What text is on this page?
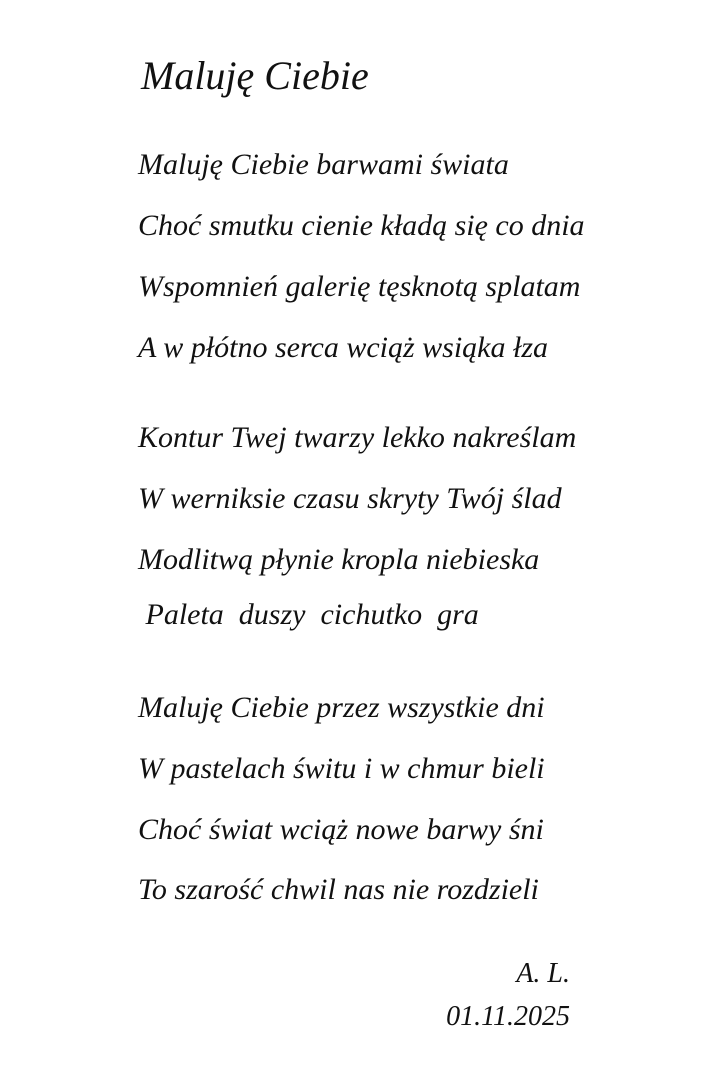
Maluję Ciebie
Maluję Ciebie barwami świata
Choć smutku cienie kładą się co dnia
Wspomnień galerię tęsknotą splatam
A w płótno serca wciąż wsiąka łza
Kontur Twej twarzy lekko nakreślam
W werniksie czasu skryty Twój ślad
Modlitwą płynie kropla niebieska
Paleta  duszy  cichutko  gra
Maluję Ciebie przez wszystkie dni
W pastelach świtu i w chmur bieli
Choć świat wciąż nowe barwy śni
To szarość chwil nas nie rozdzieli
A. L.
01.11.2025
